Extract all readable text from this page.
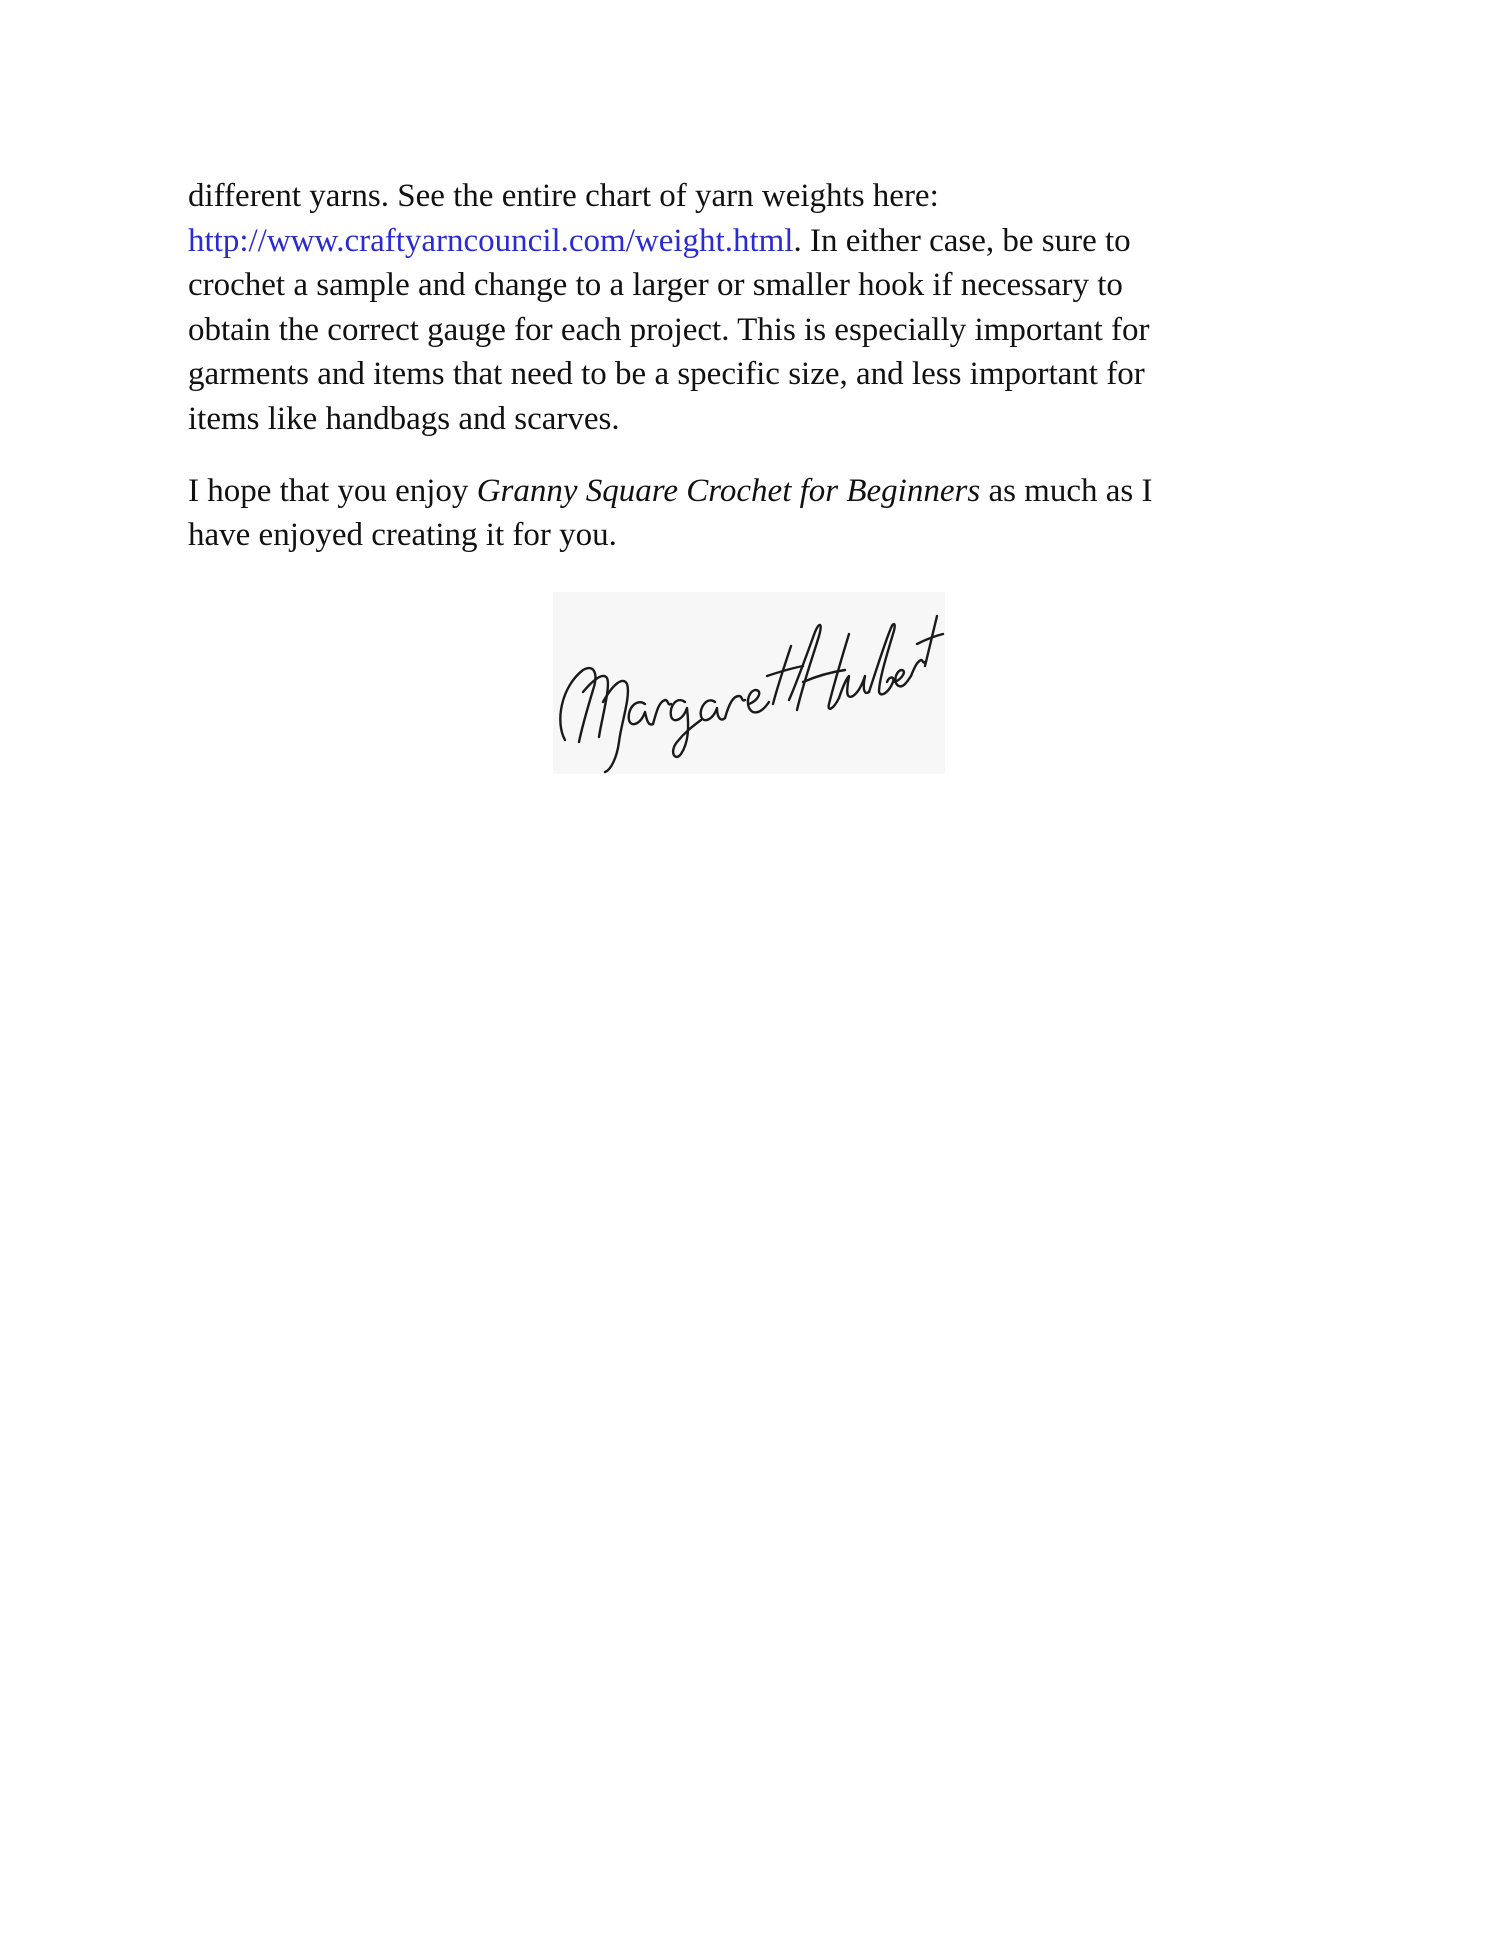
different yarns. See the entire chart of yarn weights here:
http://www.craftyarncouncil.com/weight.html. In either case, be sure to
crochet a sample and change to a larger or smaller hook if necessary to
obtain the correct gauge for each project. This is especially important for
garments and items that need to be a specific size, and less important for
items like handbags and scarves.

I hope that you enjoy Granny Square Crochet for Beginners as much as I
have enjoyed creating it for you.
